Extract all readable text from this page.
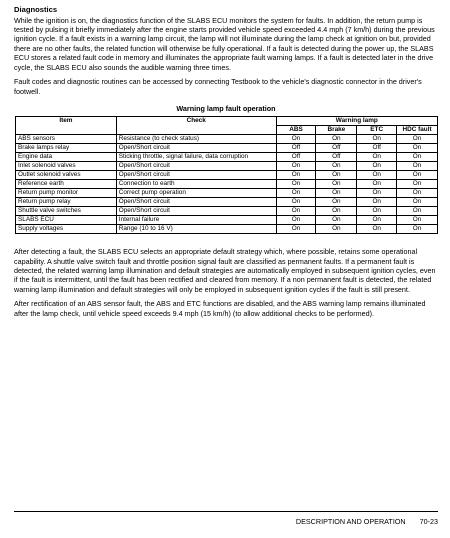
Diagnostics

While the ignition is on, the diagnostics function of the SLABS ECU monitors the system for faults. In addition, the return pump is tested by pulsing it briefly immediately after the engine starts provided vehicle speed exceeded 4.4 mph (7 km/h) during the previous ignition cycle. If a fault exists in a warning lamp circuit, the lamp will not illuminate during the lamp check at ignition on but, provided there are no other faults, the related function will otherwise be fully operational. If a fault is detected during the power up, the SLABS ECU stores a related fault code in memory and illuminates the appropriate fault warning lamps. If a fault is detected later in the drive cycle, the SLABS ECU also sounds the audible warning three times.

Fault codes and diagnostic routines can be accessed by connecting Testbook to the vehicle's diagnostic connector in the driver's footwell.

Warning lamp fault operation
Item	Check	Warning lamp			
		ABS	Brake	ETC	HDC fault
ABS sensors	Resistance (to check status)	On	On	On	On
Brake lamps relay	Open/Short circuit	Off	Off	Off	On
Engine data	Sticking throttle, signal failure, data corruption	Off	Off	On	On
Inlet solenoid valves	Open/Short circuit	On	On	On	On
Outlet solenoid valves	Open/Short circuit	On	On	On	On
Reference earth	Connection to earth	On	On	On	On
Return pump monitor	Correct pump operation	On	On	On	On
Return pump relay	Open/Short circuit	On	On	On	On
Shuttle valve switches	Open/Short circuit	On	On	On	On
SLABS ECU	Internal failure	On	On	On	On
Supply voltages	Range (10 to 16 V)	On	On	On	On

After detecting a fault, the SLABS ECU selects an appropriate default strategy which, where possible, retains some operational capability. A shuttle valve switch fault and throttle position signal fault are classified as permanent faults. If a permanent fault is detected, the related warning lamp illumination and default strategies are automatically employed in subsequent ignition cycles, even if the fault is intermittent, until the fault has been rectified and cleared from memory. If a non permanent fault is detected, the related warning lamp illumination and default strategies will only be employed in subsequent ignition cycles if the fault is still present.

After rectification of an ABS sensor fault, the ABS and ETC functions are disabled, and the ABS warning lamp remains illuminated after the lamp check, until vehicle speed exceeds 9.4 mph (15 km/h) (to allow additional checks to be performed).

DESCRIPTION AND OPERATION 70-23
